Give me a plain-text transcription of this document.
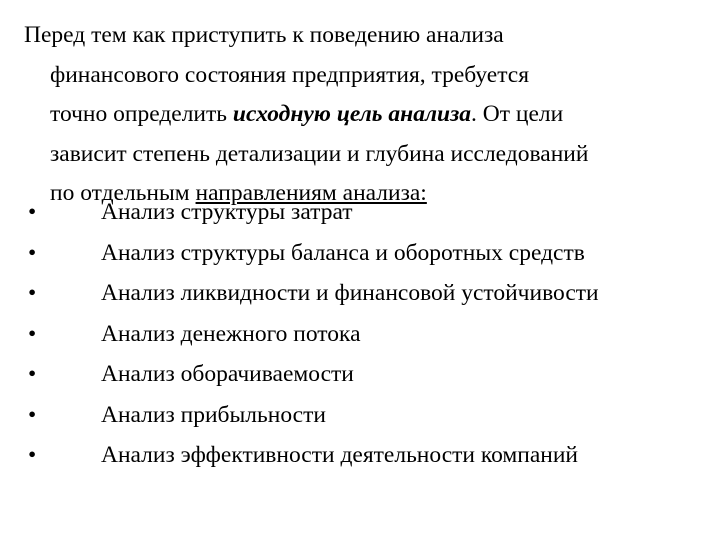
Перед тем как приступить к поведению анализа
финансового состояния предприятия, требуется
точно определить исходную цель анализа. От цели
зависит степень детализации и глубина исследований
по отдельным направлениям анализа:

•	Анализ структуры затрат
•	Анализ структуры баланса и оборотных средств
•	Анализ ликвидности и финансовой устойчивости
•	Анализ денежного потока
•	Анализ оборачиваемости
•	Анализ прибыльности
•	Анализ эффективности деятельности компаний
